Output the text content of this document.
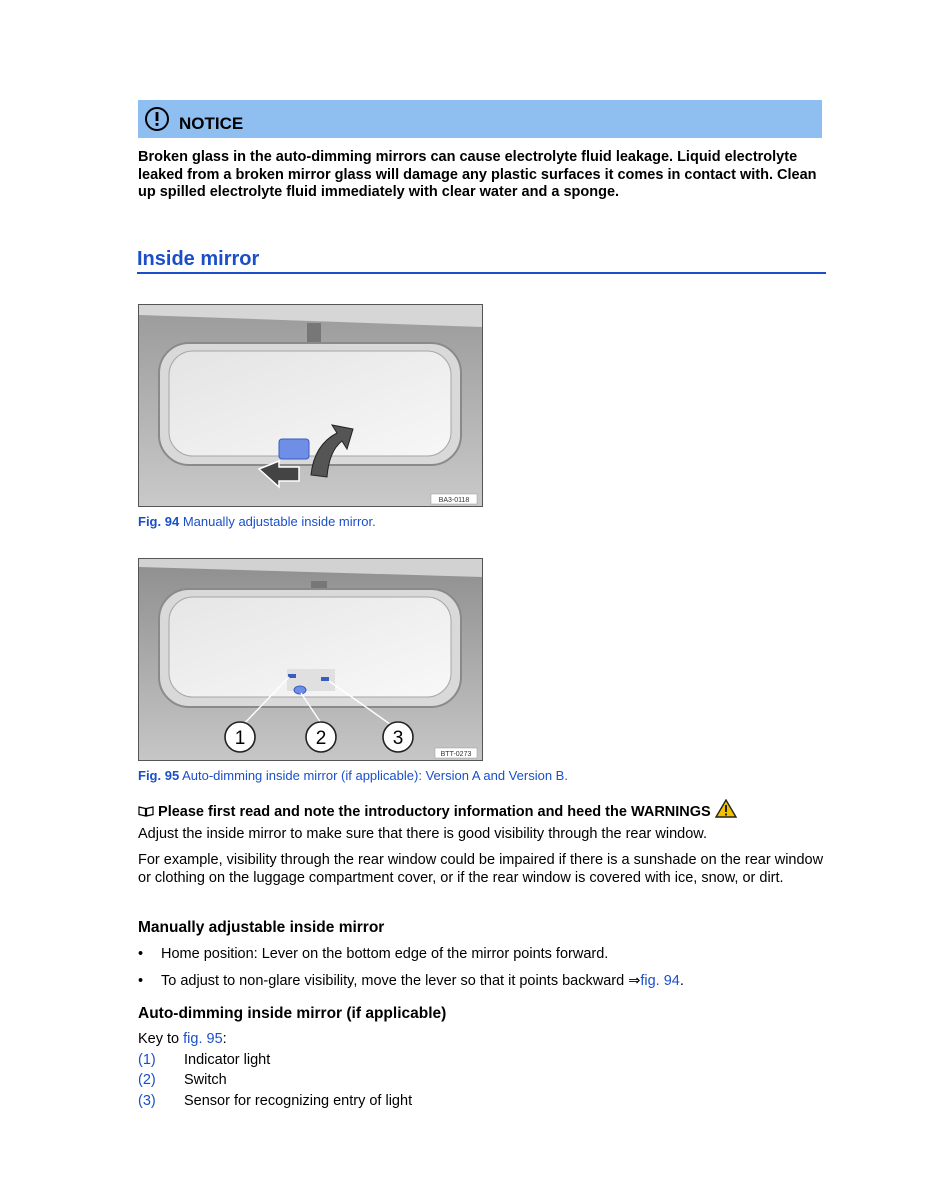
NOTICE
Broken glass in the auto-dimming mirrors can cause electrolyte fluid leakage. Liquid electrolyte leaked from a broken mirror glass will damage any plastic surfaces it comes in contact with. Clean up spilled electrolyte fluid immediately with clear water and a sponge.
Inside mirror
BA3-0118
Fig. 94 Manually adjustable inside mirror.
1	2	3
BTT-0273
Fig. 95 Auto-dimming inside mirror (if applicable): Version A and Version B.
Please first read and note the introductory information and heed the WARNINGS
Adjust the inside mirror to make sure that there is good visibility through the rear window.
For example, visibility through the rear window could be impaired if there is a sunshade on the rear window or clothing on the luggage compartment cover, or if the rear window is covered with ice, snow, or dirt.
Manually adjustable inside mirror
• Home position: Lever on the bottom edge of the mirror points forward.
• To adjust to non-glare visibility, move the lever so that it points backward ⇒fig. 94.
Auto-dimming inside mirror (if applicable)
Key to fig. 95:
(1) Indicator light
(2) Switch
(3) Sensor for recognizing entry of light
